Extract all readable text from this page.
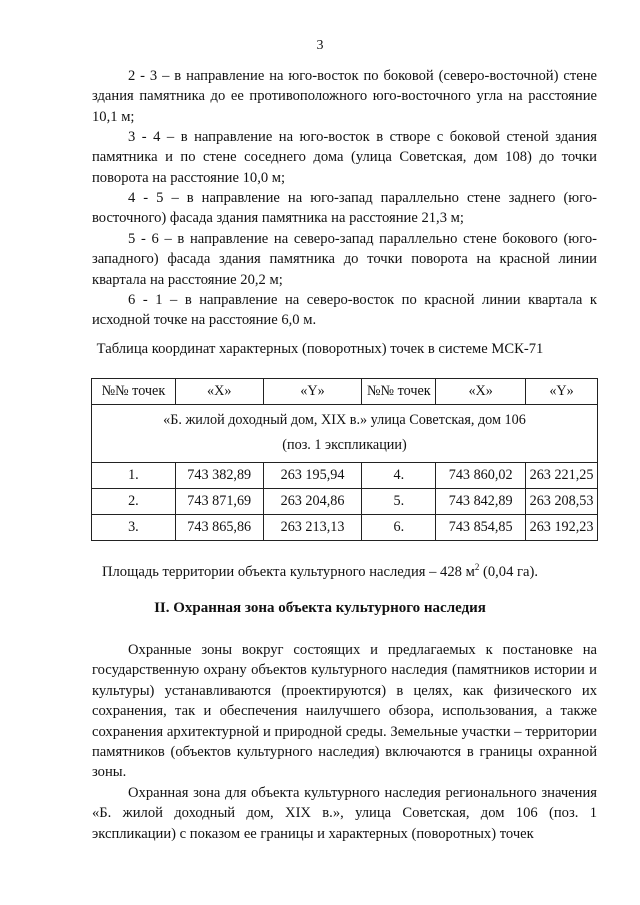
3

2 - 3 – в направление на юго-восток по боковой (северо-восточной) стене здания памятника до ее противоположного юго-восточного угла на расстояние 10,1 м;

3 - 4 – в направление на юго-восток в створе с боковой стеной здания памятника и по стене соседнего дома (улица Советская, дом 108) до точки поворота на расстояние 10,0 м;

4 - 5 – в направление на юго-запад параллельно стене заднего (юго-восточного) фасада здания памятника на расстояние 21,3 м;

5 - 6 – в направление на северо-запад параллельно стене бокового (юго-западного) фасада здания памятника до точки поворота на красной линии квартала на расстояние 20,2 м;

6 - 1 – в направление на северо-восток по красной линии квартала к исходной точке на расстояние 6,0 м.

Таблица координат характерных (поворотных) точек в системе МСК-71
№№ точек	«X»	«Y»	№№ точек	«X»	«Y»

«Б. жилой доходный дом, XIX в.» улица Советская, дом 106
(поз. 1 экспликации)					

1.	743 382,89	263 195,94	4.	743 860,02	263 221,25
2.	743 871,69	263 204,86	5.	743 842,89	263 208,53
3.	743 865,86	263 213,13	6.	743 854,85	263 192,23
Площадь территории объекта культурного наследия – 428 $м^2$ (0,04 га).
II. Охранная зона объекта культурного наследия

Охранные зоны вокруг состоящих и предлагаемых к постановке на государственную охрану объектов культурного наследия (памятников истории и культуры) устанавливаются (проектируются) в целях, как физического их сохранения, так и обеспечения наилучшего обзора, использования, а также сохранения архитектурной и природной среды. Земельные участки – территории памятников (объектов культурного наследия) включаются в границы охранной зоны.

Охранная зона для объекта культурного наследия регионального значения «Б. жилой доходный дом, XIX в.», улица Советская, дом 106 (поз. 1 экспликации) с показом ее границы и характерных (поворотных) точек
